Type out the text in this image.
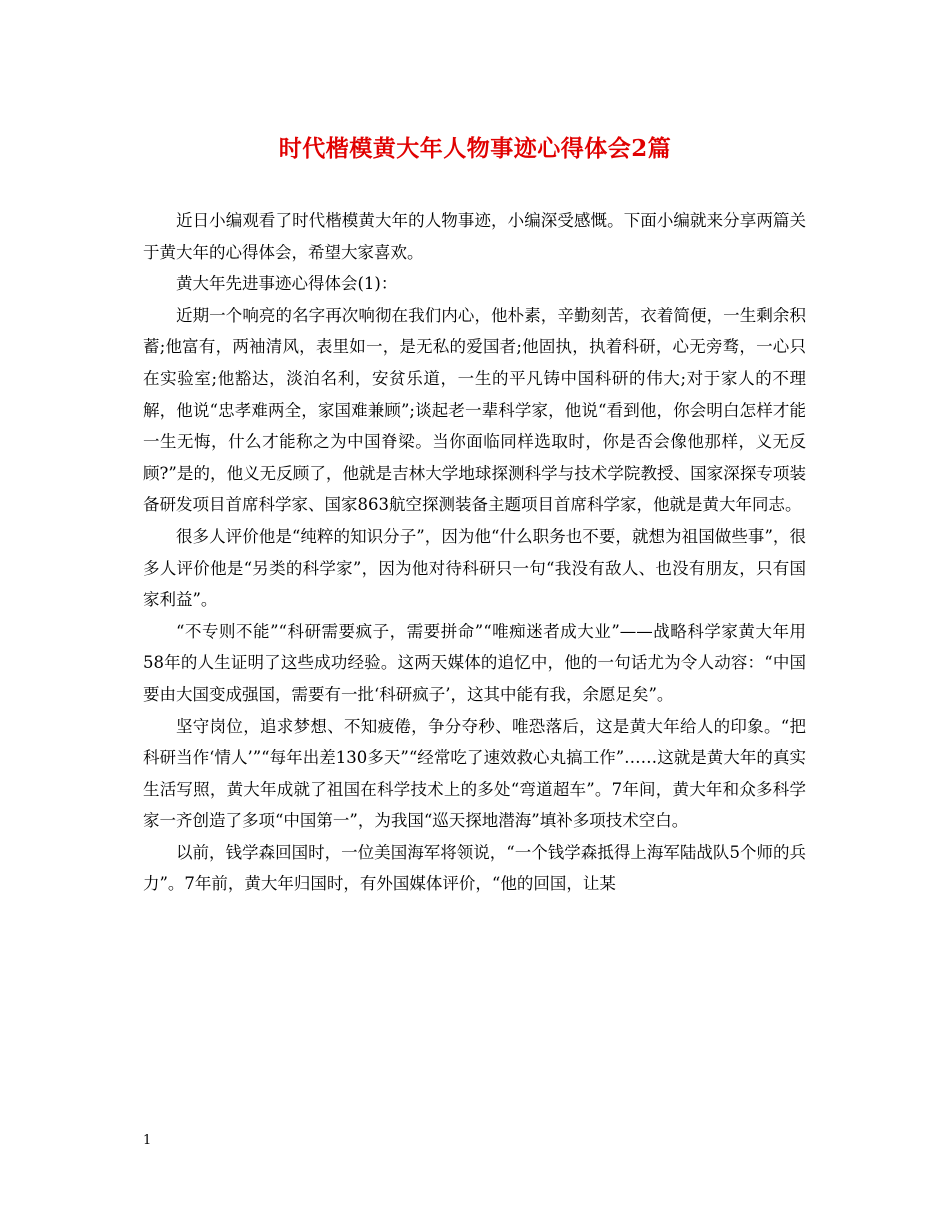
时代楷模黄大年人物事迹心得体会2篇

近日小编观看了时代楷模黄大年的人物事迹，小编深受感慨。下面小编就来分享两篇关于黄大年的心得体会，希望大家喜欢。

黄大年先进事迹心得体会(1)：

近期一个响亮的名字再次响彻在我们内心，他朴素，辛勤刻苦，衣着简便，一生剩余积蓄;他富有，两袖清风，表里如一，是无私的爱国者;他固执，执着科研，心无旁骛，一心只在实验室;他豁达，淡泊名利，安贫乐道，一生的平凡铸中国科研的伟大;对于家人的不理解，他说“忠孝难两全，家国难兼顾”;谈起老一辈科学家，他说“看到他，你会明白怎样才能一生无悔，什么才能称之为中国脊梁。当你面临同样选取时，你是否会像他那样，义无反顾?”是的，他义无反顾了，他就是吉林大学地球探测科学与技术学院教授、国家深探专项装备研发项目首席科学家、国家863航空探测装备主题项目首席科学家，他就是黄大年同志。

很多人评价他是“纯粹的知识分子”，因为他“什么职务也不要，就想为祖国做些事”，很多人评价他是“另类的科学家”，因为他对待科研只一句“我没有敌人、也没有朋友，只有国家利益”。

“不专则不能”“科研需要疯子，需要拼命”“唯痴迷者成大业”——战略科学家黄大年用58年的人生证明了这些成功经验。这两天媒体的追忆中，他的一句话尤为令人动容：“中国要由大国变成强国，需要有一批‘科研疯子’，这其中能有我，余愿足矣”。

坚守岗位，追求梦想、不知疲倦，争分夺秒、唯恐落后，这是黄大年给人的印象。“把科研当作‘情人’”“每年出差130多天”“经常吃了速效救心丸搞工作”……这就是黄大年的真实生活写照，黄大年成就了祖国在科学技术上的多处“弯道超车”。7年间，黄大年和众多科学家一齐创造了多项“中国第一”，为我国“巡天探地潜海”填补多项技术空白。

以前，钱学森回国时，一位美国海军将领说，“一个钱学森抵得上海军陆战队5个师的兵力”。7年前，黄大年归国时，有外国媒体评价，“他的回国，让某

1
